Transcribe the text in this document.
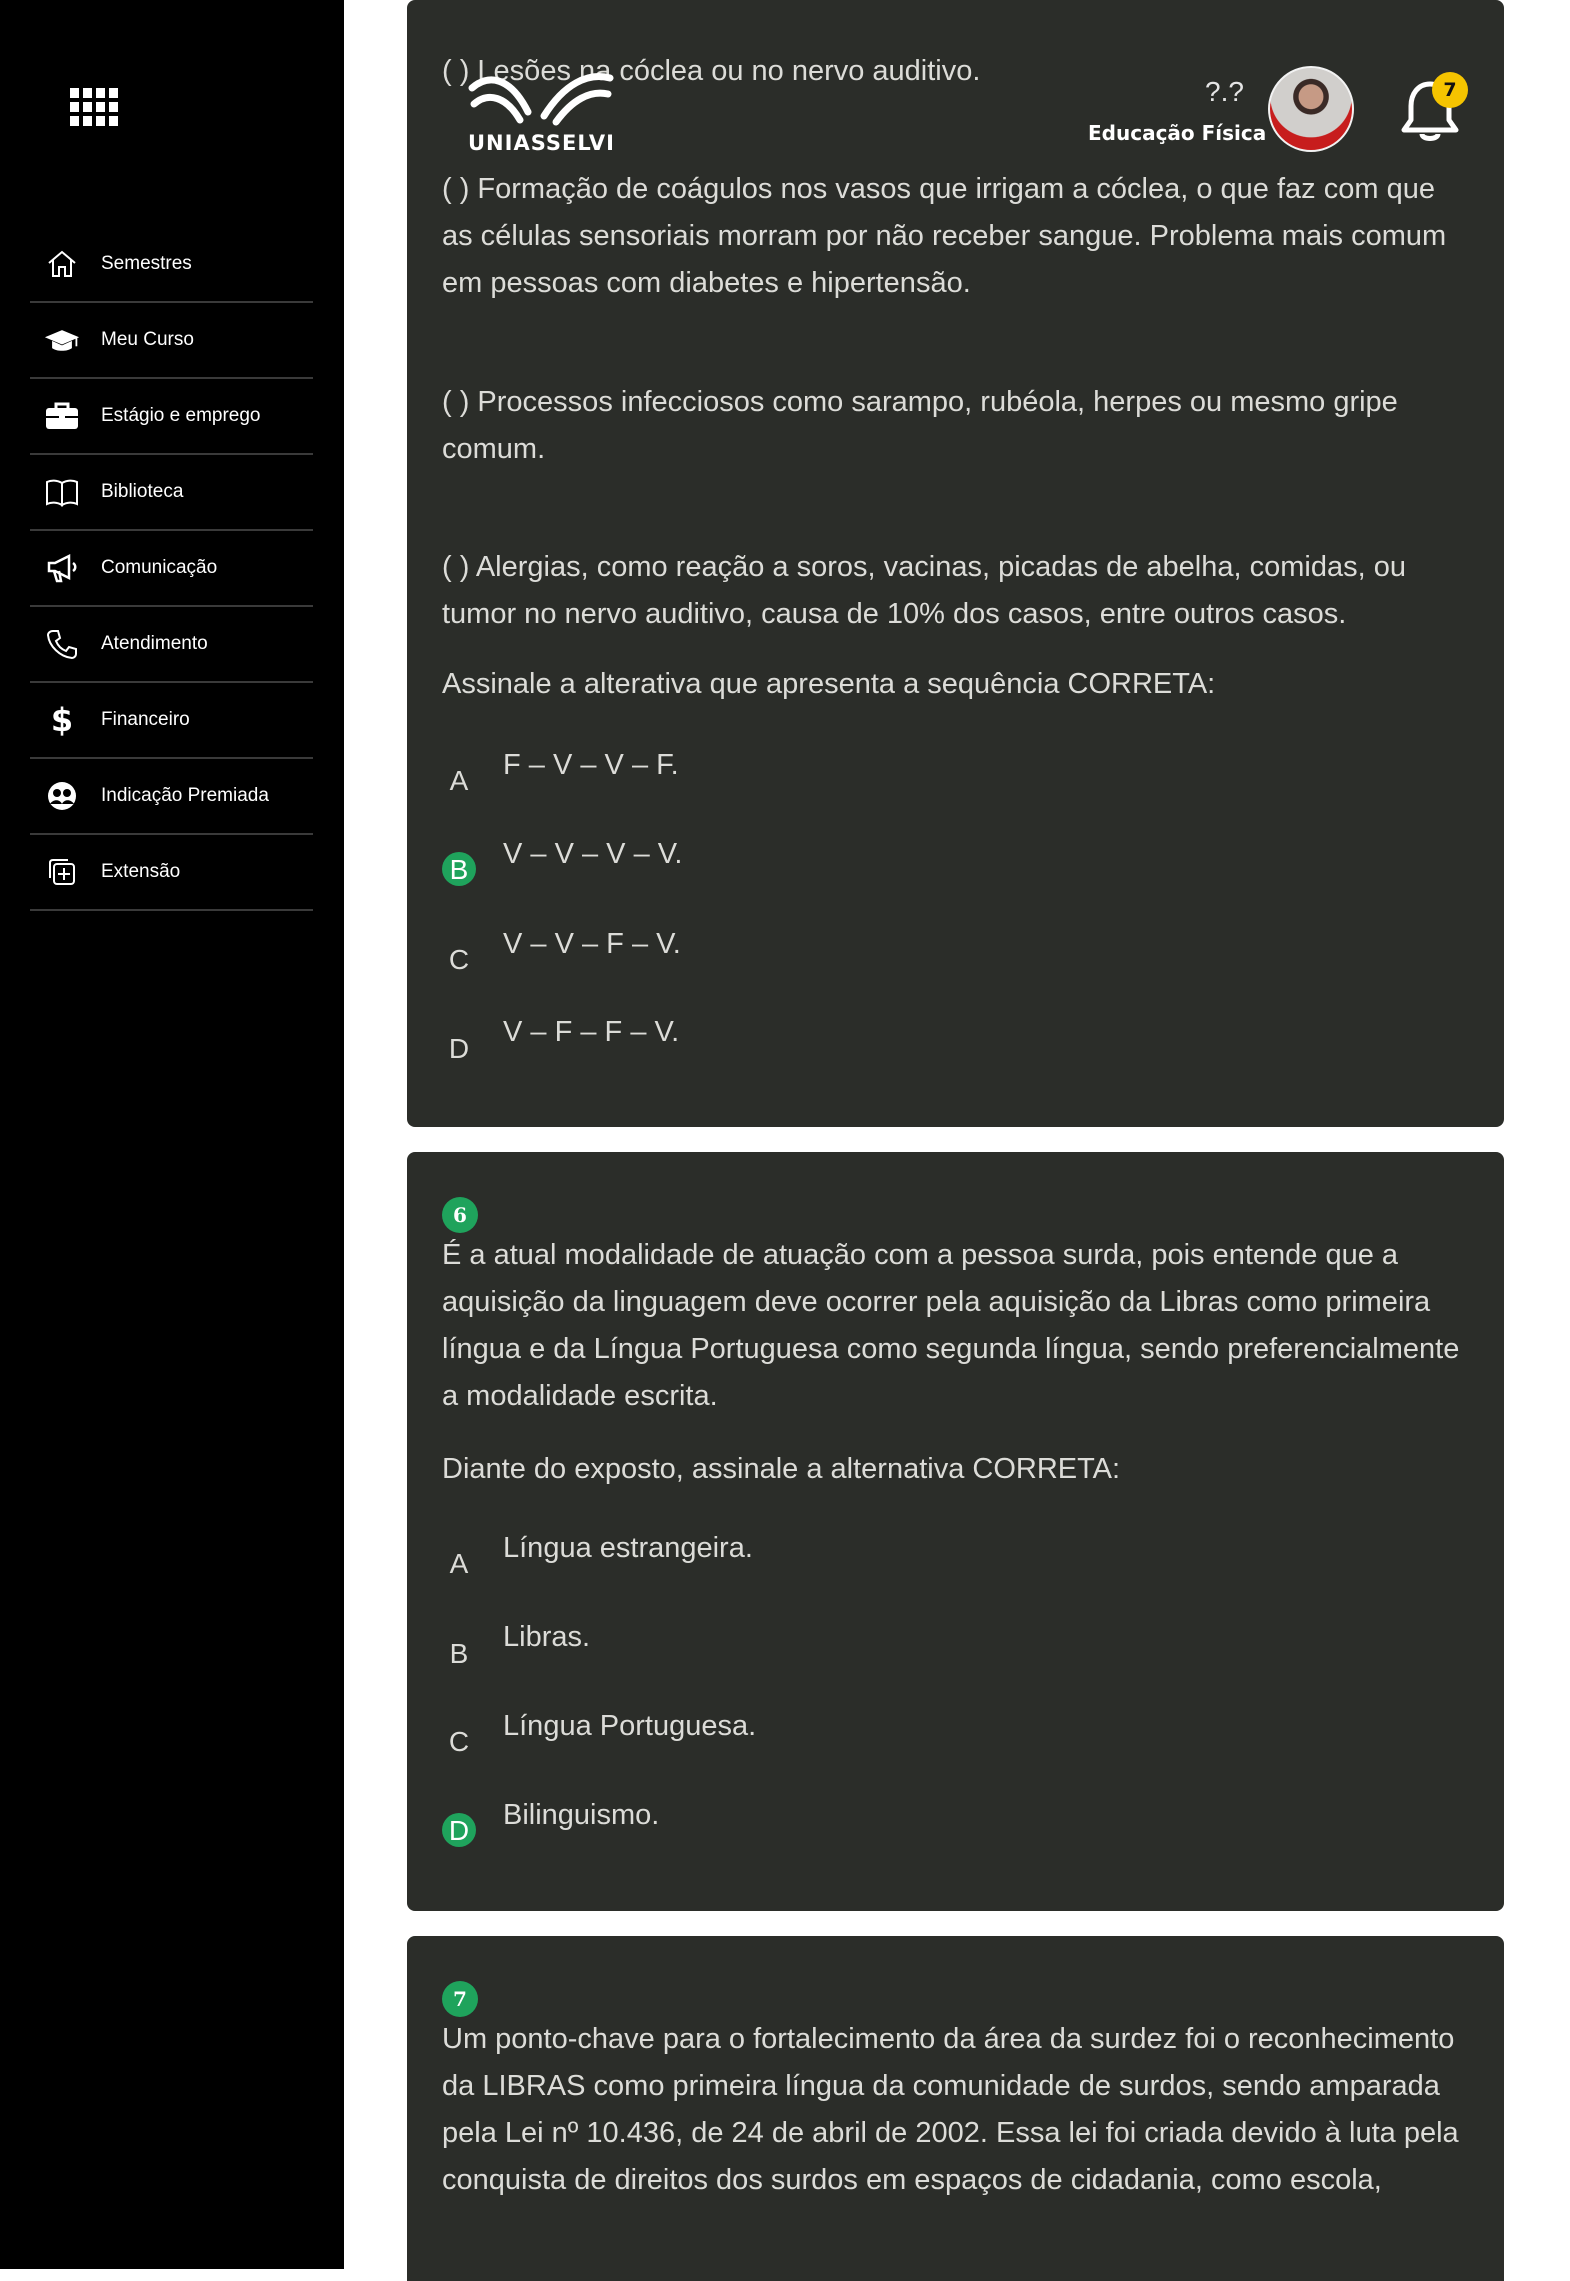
Semestres
Meu Curso
Estágio e emprego
Biblioteca
Comunicação
Atendimento
$ Financeiro
Indicação Premiada
Extensão

( ) Lesões na cóclea ou no nervo auditivo.

( ) Formação de coágulos nos vasos que irrigam a cóclea, o que faz com que as células sensoriais morram por não receber sangue. Problema mais comum em pessoas com diabetes e hipertensão.

( ) Processos infecciosos como sarampo, rubéola, herpes ou mesmo gripe comum.

( ) Alergias, como reação a soros, vacinas, picadas de abelha, comidas, ou tumor no nervo auditivo, causa de 10% dos casos, entre outros casos.

Assinale a alterativa que apresenta a sequência CORRETA:

A F – V – V – F.
B V – V – V – V.
C V – V – F – V.
D
V – F – F – V.
6

É a atual modalidade de atuação com a pessoa surda, pois entende que a aquisição da linguagem deve ocorrer pela aquisição da Libras como primeira língua e da Língua Portuguesa como segunda língua, sendo preferencialmente a modalidade escrita.

Diante do exposto, assinale a alternativa CORRETA:

A Língua estrangeira.
B
Libras.
C Língua Portuguesa.
D Bilinguismo.
7

Um ponto-chave para o fortalecimento da área da surdez foi o reconhecimento da LIBRAS como primeira língua da comunidade de surdos, sendo amparada pela Lei nº 10.436, de 24 de abril de 2002. Essa lei foi criada devido à luta pela conquista de direitos dos surdos em espaços de cidadania, como escola,

UNIASSELVI
?.?
Educação Física
7
